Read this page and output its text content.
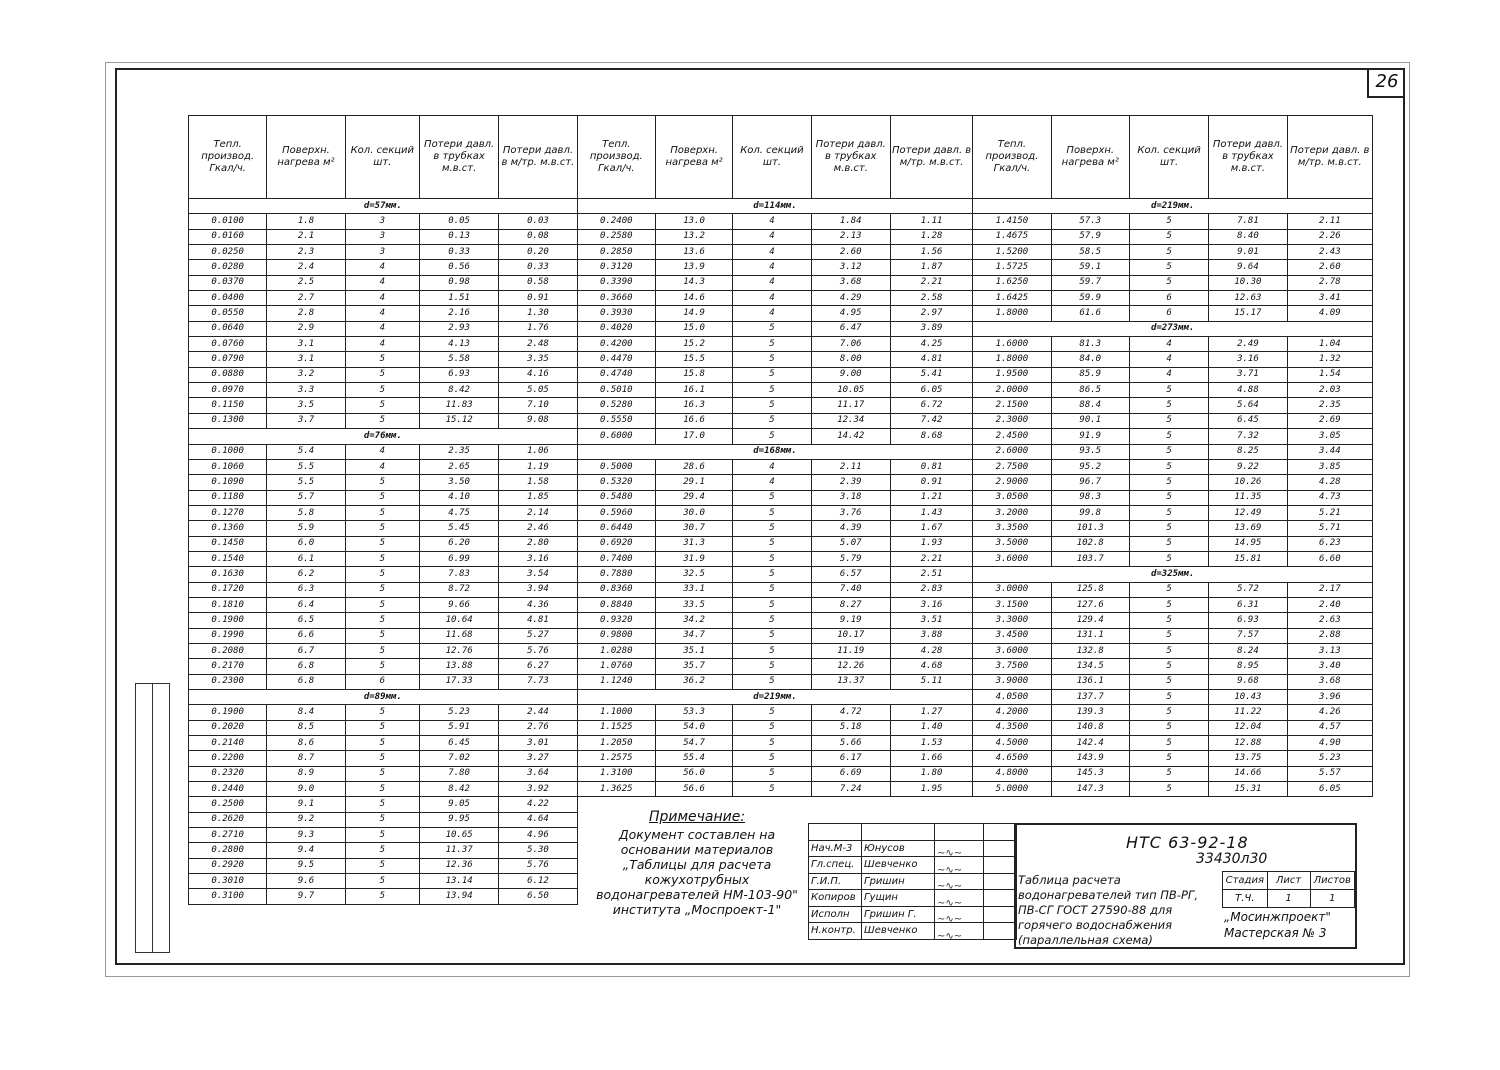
26
Тепл. производ. Гкал/ч.	Поверхн. нагрева м²	Кол. секций шт.	Потери давл. в трубках м.в.ст.	Потери давл. в м/тр. м.в.ст.	Тепл. производ. Гкал/ч.	Поверхн. нагрева м²	Кол. секций шт.	Потери давл. в трубках м.в.ст.	Потери давл. в м/тр. м.в.ст.	Тепл. производ. Гкал/ч.	Поверхн. нагрева м²	Кол. секций шт.	Потери давл. в трубках м.в.ст.	Потери давл. в м/тр. м.в.ст.
d=57мм.					d=114мм.					d=219мм.				
0.0100	1.8	3	0.05	0.03	0.2400	13.0	4	1.84	1.11	1.4150	57.3	5	7.81	2.11
0.0160	2.1	3	0.13	0.08	0.2580	13.2	4	2.13	1.28	1.4675	57.9	5	8.40	2.26
0.0250	2.3	3	0.33	0.20	0.2850	13.6	4	2.60	1.56	1.5200	58.5	5	9.01	2.43
0.0280	2.4	4	0.56	0.33	0.3120	13.9	4	3.12	1.87	1.5725	59.1	5	9.64	2.60
0.0370	2.5	4	0.98	0.58	0.3390	14.3	4	3.68	2.21	1.6250	59.7	5	10.30	2.78
0.0400	2.7	4	1.51	0.91	0.3660	14.6	4	4.29	2.58	1.6425	59.9	6	12.63	3.41
0.0550	2.8	4	2.16	1.30	0.3930	14.9	4	4.95	2.97	1.8000	61.6	6	15.17	4.09
0.0640	2.9	4	2.93	1.76	0.4020	15.0	5	6.47	3.89	d=273мм.				
0.0760	3.1	4	4.13	2.48	0.4200	15.2	5	7.06	4.25	1.6000	81.3	4	2.49	1.04
0.0790	3.1	5	5.58	3.35	0.4470	15.5	5	8.00	4.81	1.8000	84.0	4	3.16	1.32
0.0880	3.2	5	6.93	4.16	0.4740	15.8	5	9.00	5.41	1.9500	85.9	4	3.71	1.54
0.0970	3.3	5	8.42	5.05	0.5010	16.1	5	10.05	6.05	2.0000	86.5	5	4.88	2.03
0.1150	3.5	5	11.83	7.10	0.5280	16.3	5	11.17	6.72	2.1500	88.4	5	5.64	2.35
0.1300	3.7	5	15.12	9.08	0.5550	16.6	5	12.34	7.42	2.3000	90.1	5	6.45	2.69
d=76мм.					0.6000	17.0	5	14.42	8.68	2.4500	91.9	5	7.32	3.05
0.1000	5.4	4	2.35	1.06	d=168мм.					2.6000	93.5	5	8.25	3.44
0.1060	5.5	4	2.65	1.19	0.5000	28.6	4	2.11	0.81	2.7500	95.2	5	9.22	3.85
0.1090	5.5	5	3.50	1.58	0.5320	29.1	4	2.39	0.91	2.9000	96.7	5	10.26	4.28
0.1180	5.7	5	4.10	1.85	0.5480	29.4	5	3.18	1.21	3.0500	98.3	5	11.35	4.73
0.1270	5.8	5	4.75	2.14	0.5960	30.0	5	3.76	1.43	3.2000	99.8	5	12.49	5.21
0.1360	5.9	5	5.45	2.46	0.6440	30.7	5	4.39	1.67	3.3500	101.3	5	13.69	5.71
0.1450	6.0	5	6.20	2.80	0.6920	31.3	5	5.07	1.93	3.5000	102.8	5	14.95	6.23
0.1540	6.1	5	6.99	3.16	0.7400	31.9	5	5.79	2.21	3.6000	103.7	5	15.81	6.60
0.1630	6.2	5	7.83	3.54	0.7880	32.5	5	6.57	2.51	d=325мм.				
0.1720	6.3	5	8.72	3.94	0.8360	33.1	5	7.40	2.83	3.0000	125.8	5	5.72	2.17
0.1810	6.4	5	9.66	4.36	0.8840	33.5	5	8.27	3.16	3.1500	127.6	5	6.31	2.40
0.1900	6.5	5	10.64	4.81	0.9320	34.2	5	9.19	3.51	3.3000	129.4	5	6.93	2.63
0.1990	6.6	5	11.68	5.27	0.9800	34.7	5	10.17	3.88	3.4500	131.1	5	7.57	2.88
0.2080	6.7	5	12.76	5.76	1.0280	35.1	5	11.19	4.28	3.6000	132.8	5	8.24	3.13
0.2170	6.8	5	13.88	6.27	1.0760	35.7	5	12.26	4.68	3.7500	134.5	5	8.95	3.40
0.2300	6.8	6	17.33	7.73	1.1240	36.2	5	13.37	5.11	3.9000	136.1	5	9.68	3.68
d=89мм.					d=219мм.					4.0500	137.7	5	10.43	3.96
0.1900	8.4	5	5.23	2.44	1.1000	53.3	5	4.72	1.27	4.2000	139.3	5	11.22	4.26
0.2020	8.5	5	5.91	2.76	1.1525	54.0	5	5.18	1.40	4.3500	140.8	5	12.04	4.57
0.2140	8.6	5	6.45	3.01	1.2050	54.7	5	5.66	1.53	4.5000	142.4	5	12.88	4.90
0.2200	8.7	5	7.02	3.27	1.2575	55.4	5	6.17	1.66	4.6500	143.9	5	13.75	5.23
0.2320	8.9	5	7.80	3.64	1.3100	56.0	5	6.69	1.80	4.8000	145.3	5	14.66	5.57
0.2440	9.0	5	8.42	3.92	1.3625	56.6	5	7.24	1.95	5.0000	147.3	5	15.31	6.05
0.2500	9.1	5	9.05	4.22										
0.2620	9.2	5	9.95	4.64										
0.2710	9.3	5	10.65	4.96										
0.2800	9.4	5	11.37	5.30										
0.2920	9.5	5	12.36	5.76										
0.3010	9.6	5	13.14	6.12										
0.3100	9.7	5	13.94	6.50										
Примечание:
Документ составлен на основании материалов „Таблицы для расчета кожухотрубных водонагревателей НМ-103-90" института „Моспроект-1"

Нач.М-3	Юнусов	~∿~	

Гл.спец.	Шевченко	~∿~	

Г.И.П.	Гришин	~∿~	

Копиров	Гущин	~∿~	

Исполн	Гришин Г.	~∿~	

Н.контр.	Шевченко	~∿~	

НТС 63-92-18
33430л30
Таблица расчета водонагревателей тип ПВ-РГ, ПВ-СГ ГОСТ 27590-88 для горячего водоснабжения (параллельная схема)
Стадия	Лист	Листов
Т.Ч.	1	1
„Мосинжпроект"
Мастерская № 3
